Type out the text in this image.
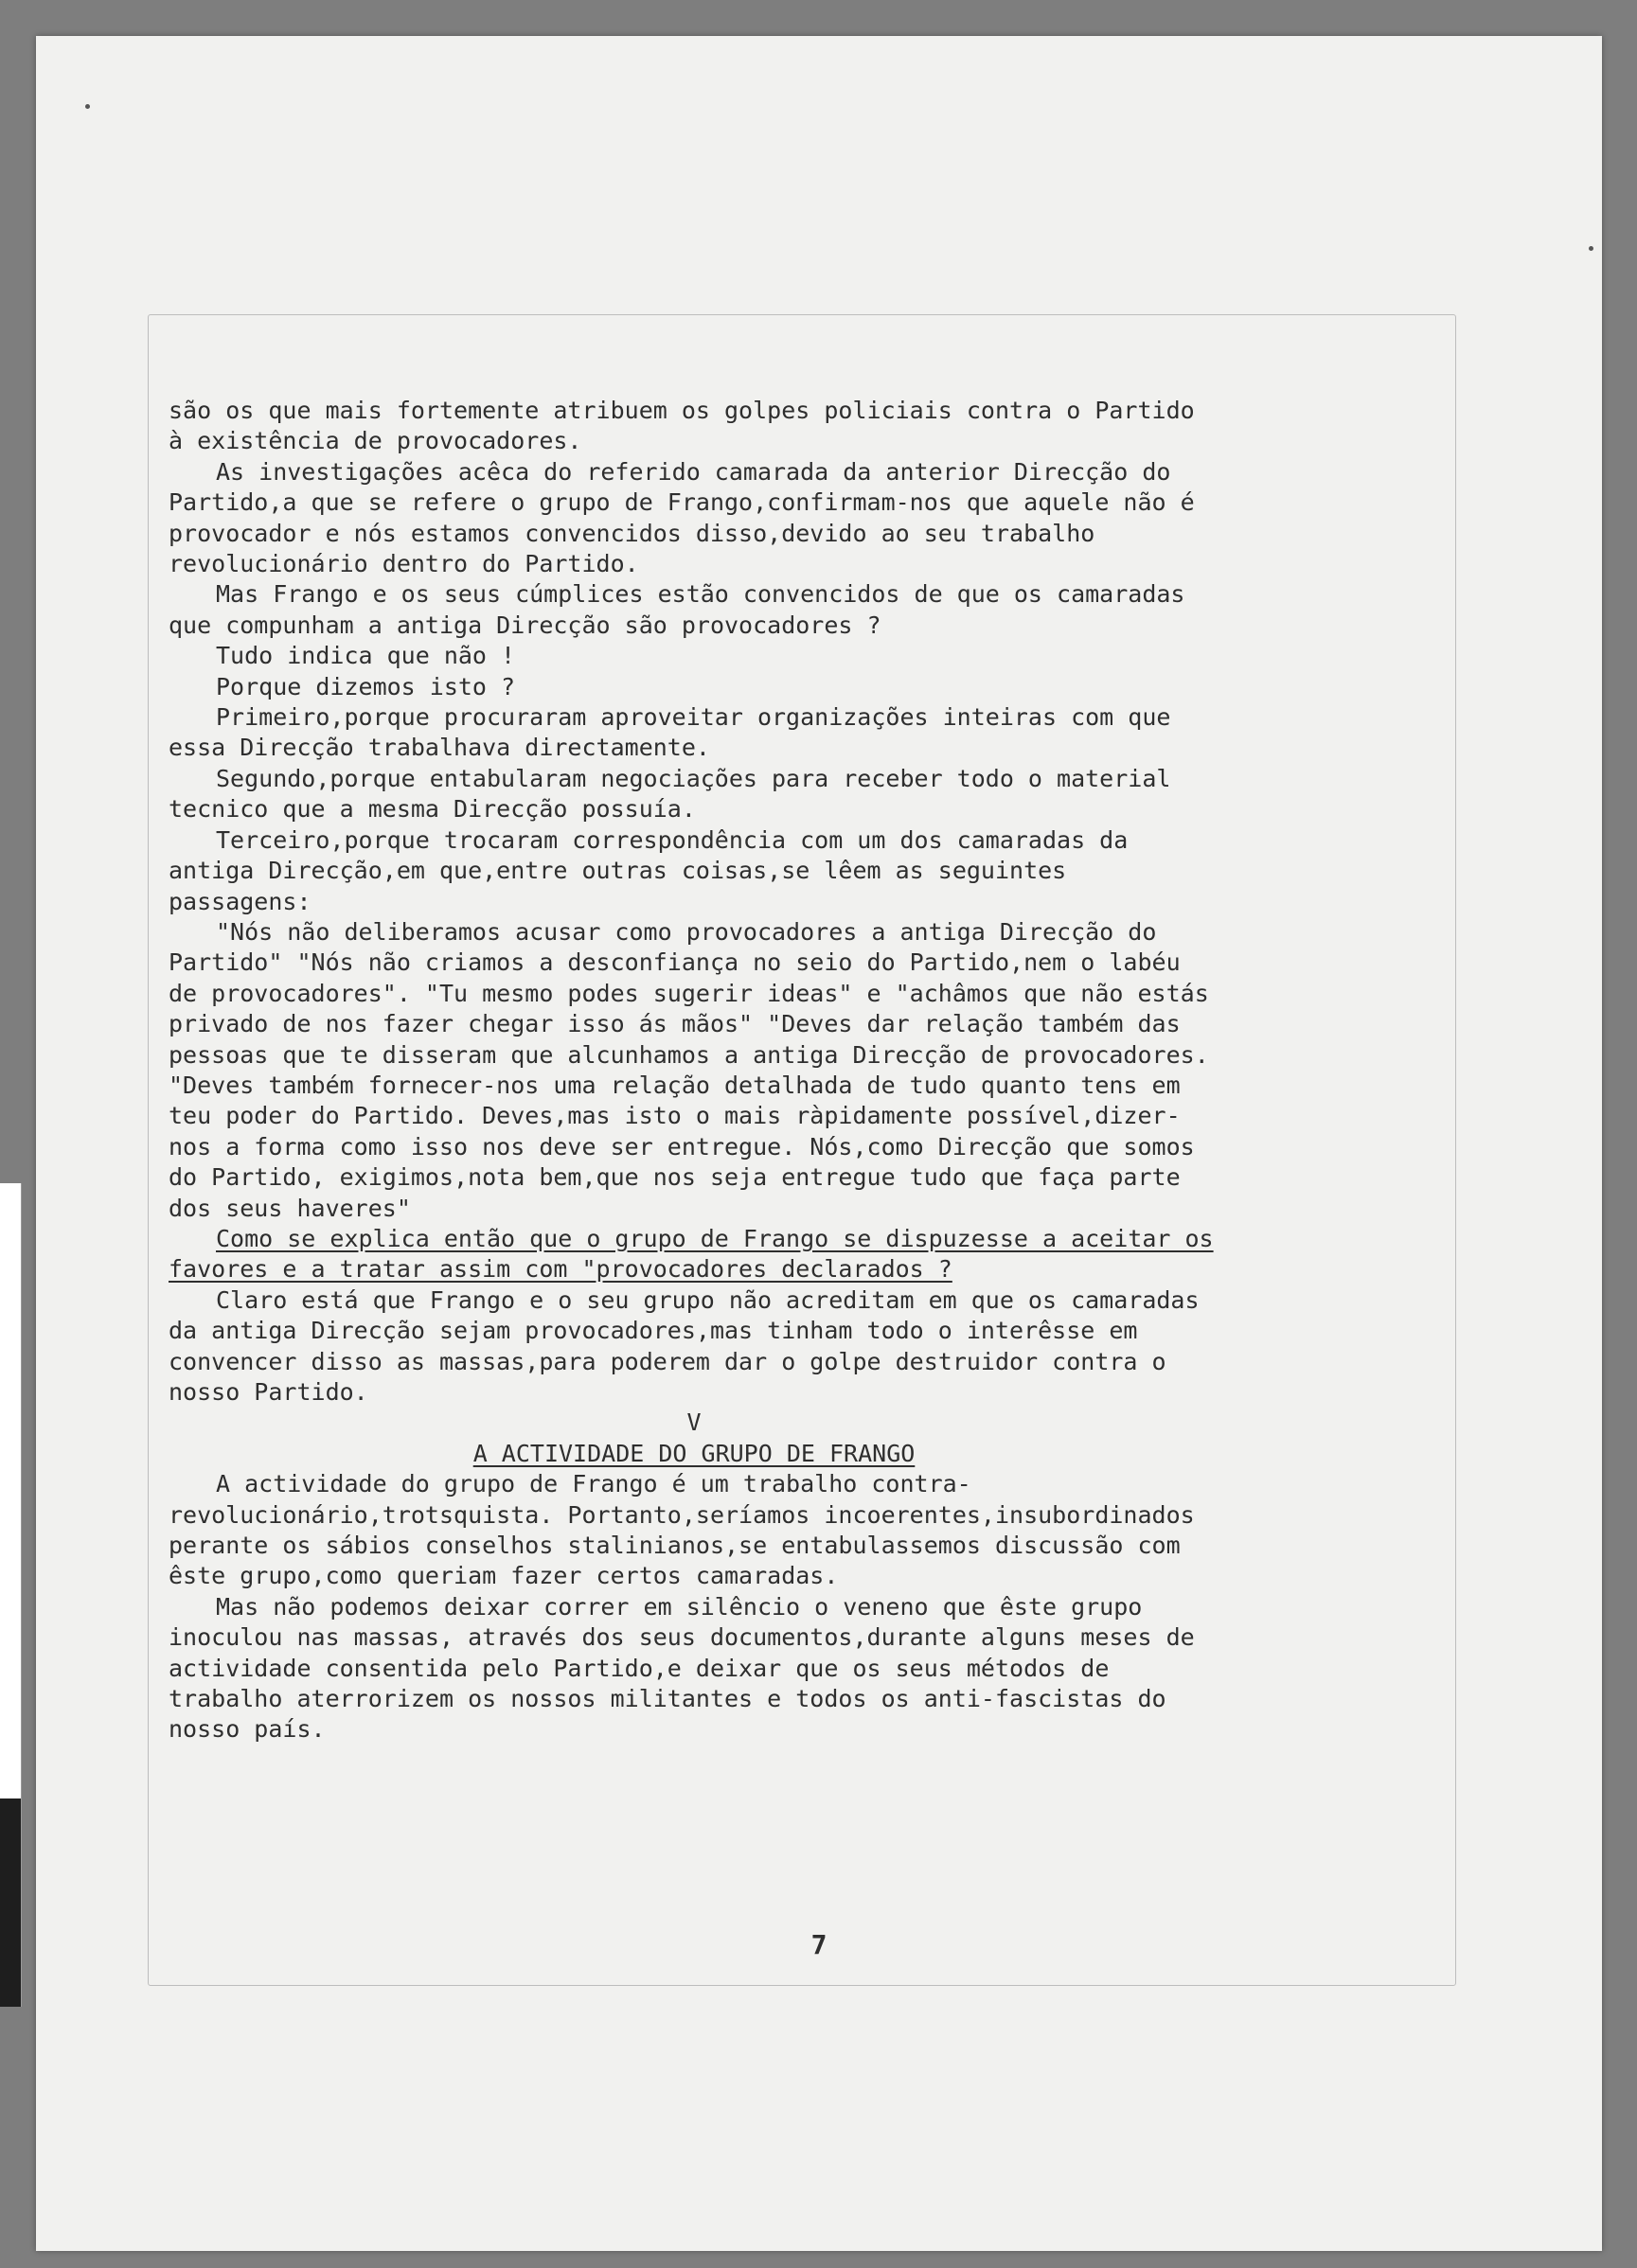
são os que mais fortemente atribuem os golpes policiais contra o Partido à existência de provocadores.

As investigações acêca do referido camarada da anterior Direcção do Partido,a que se refere o grupo de Frango,confirmam-nos que aquele não é provocador e nós estamos convencidos disso,devido ao seu trabalho revolucionário dentro do Partido.

Mas Frango e os seus cúmplices estão convencidos de que os camaradas que compunham a antiga Direcção são provocadores ?

Tudo indica que não !

Porque dizemos isto ?

Primeiro,porque procuraram aproveitar organizações inteiras com que essa Direcção trabalhava directamente.

Segundo,porque entabularam negociações para receber todo o material tecnico que a mesma Direcção possuía.

Terceiro,porque trocaram correspondência com um dos camaradas da antiga Direcção,em que,entre outras coisas,se lêem as seguintes passagens:

"Nós não deliberamos acusar como provocadores a antiga Direcção do Partido" "Nós não criamos a desconfiança no seio do Partido,nem o labéu de provocadores". "Tu mesmo podes sugerir ideas" e "achâmos que não estás privado de nos fazer chegar isso ás mãos" "Deves dar relação também das pessoas que te disseram que alcunhamos a antiga Direcção de provocadores. "Deves também fornecer-nos uma relação detalhada de tudo quanto tens em teu poder do Partido. Deves,mas isto o mais ràpidamente possível,dizer-nos a forma como isso nos deve ser entregue. Nós,como Direcção que somos do Partido, exigimos,nota bem,que nos seja entregue tudo que faça parte dos seus haveres"

Como se explica então que o grupo de Frango se dispuzesse a aceitar os favores e a tratar assim com "provocadores declarados ?

Claro está que Frango e o seu grupo não acreditam em que os camaradas da antiga Direcção sejam provocadores,mas tinham todo o interêsse em convencer disso as massas,para poderem dar o golpe destruidor contra o nosso Partido.

V

A ACTIVIDADE DO GRUPO DE FRANGO

A actividade do grupo de Frango é um trabalho contra-revolucionário,trotsquista. Portanto,seríamos incoerentes,insubordinados perante os sábios conselhos stalinianos,se entabulassemos discussão com êste grupo,como queriam fazer certos camaradas.

Mas não podemos deixar correr em silêncio o veneno que êste grupo inoculou nas massas, através dos seus documentos,durante alguns meses de actividade consentida pelo Partido,e deixar que os seus métodos de trabalho aterrorizem os nossos militantes e todos os anti-fascistas do nosso país.

7
